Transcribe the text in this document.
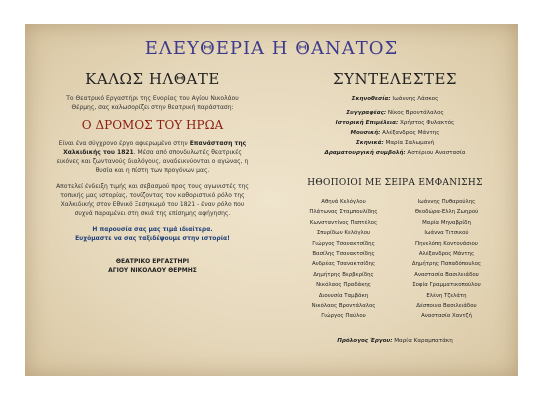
ΕΛΕΥΘΕΡΙΑ Η ΘΑΝΑΤΟΣ
ΚΑΛΩΣ ΗΛΘΑΤΕ

Το Θεατρικό Εργαστήρι της Ενορίας του Αγίου Νικολάου Θέρμης, σας καλωσορίζει στην θεατρική παράσταση:

Ο ΔΡΟΜΟΣ ΤΟΥ ΗΡΩΑ

Είναι ένα σύγχρονο έργο αφιερωμένο στην Επανάσταση της Χαλκιδικής του 1821. Μέσα από σπονδυλωτές θεατρικές εικόνες και ζωντανούς διαλόγους, αναδεικνύονται ο αγώνας, η θυσία και η πίστη των προγόνων μας.

Αποτελεί ένδειξη τιμής και σεβασμού προς τους αγωνιστές της τοπικής μας ιστορίας, τονίζοντας τον καθοριστικό ρόλο της Χαλκιδικής στον Εθνικό Ξεσηκωμό του 1821 - έναν ρόλο που συχνά παραμένει στη σκιά της επίσημης αφήγησης.

Η παρουσία σας μας τιμά ιδιαίτερα.

Ευχόμαστε να σας ταξιδέψουμε στην ιστορία!

ΘΕΑΤΡΙΚΟ ΕΡΓΑΣΤΗΡΙ

ΑΓΙΟΥ ΝΙΚΟΛΑΟΥ ΘΕΡΜΗΣ

ΣΥΝΤΕΛΕΣΤΕΣ

Σκηνοθεσία: Ιωάννης Λάσκος

Συγγραφέας: Νίκος Βροντάλαλος

Ιστορική Επιμέλεια: Χρήστος Φυλακτός

Μουσική: Αλέξανδρος Μάντης

Σκηνικά: Μαρία Σαλωμανή

Δραματουργική συμβολή: Αστέριου Αναστασία

ΗΘΟΠΟΙΟΙ ΜΕ ΣΕΙΡΑ ΕΜΦΑΝΙΣΗΣ

Αθηνά Κελόγλου

Πλάτωνας Σταμπουλίδης

Κωνσταντίνος Παπτέλος

Σπυρίδων Κελόγλου

Γιώργος Τσανακτσίδης

Βασίλης Τσανακτσίδης

Ανδρέας Τσανακτσίδης

Δημήτρης Βερβερίδης

Νικόλαος Πραδάκης

Διονυσία Ταμβάκη

Νικόλαος Βροντάλαλος

Γιώργος Παύλου

Ιωάννης Πυθαρούλης

Θεοδώρα-Ελλη Ζωηρού

Μαρία Μηναβρίδη

Ιωάννα Τιτσικού

Πηνελόπη Κοντονάσιου

Αλέξανδρος Μάντης

Δημήτρης Παπαδόπουλος

Αναστασία Βασιλειάδου

Σοφία Γραμματικοπούλου

Ελένη Τζελάτη

Δέσποινα Βασιλειάδου

Αναστασία Χαντζή

Πρόλογος Έργου: Μαρία Καραμπατάκη
